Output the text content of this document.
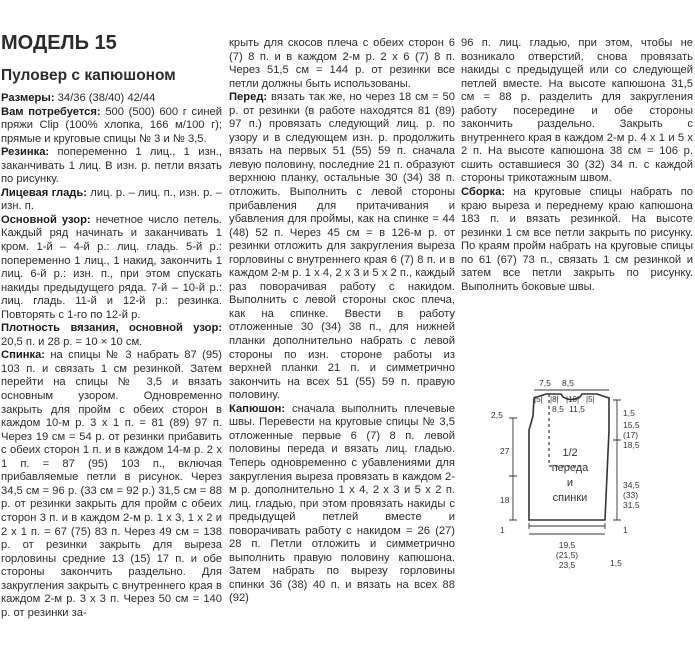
МОДЕЛЬ 15
Пуловер с капюшоном

Размеры: 34/36 (38/40) 42/44

Вам потребуется: 500 (500) 600 г синей пряжи Clip (100% хлопка, 166 м/100 г); прямые и круговые спицы № 3 и № 3,5.

Резинка: попеременно 1 лиц., 1 изн., заканчивать 1 лиц. В изн. р. петли вязать по рисунку.

Лицевая гладь: лиц. р. – лиц. п., изн. р. – изн. п.

Основной узор: нечетное число петель. Каждый ряд начинать и заканчивать 1 кром. 1-й – 4-й р.: лиц. гладь. 5-й р.: попеременно 1 лиц., 1 накид, закончить 1 лиц. 6-й р.: изн. п., при этом спускать накиды предыдущего ряда. 7-й – 10-й р.: лиц. гладь. 11-й и 12-й р.: резинка. Повторять с 1-го по 12-й р.

Плотность вязания, основной узор: 20,5 п. и 28 р. = 10 × 10 см.

Спинка: на спицы № 3 набрать 87 (95) 103 п. и связать 1 см резинкой. Затем перейти на спицы № 3,5 и вязать основным узором. Одновременно закрыть для пройм с обеих сторон в каждом 10-м р. 3 х 1 п. = 81 (89) 97 п. Через 19 см = 54 р. от резинки прибавить с обеих сторон 1 п. и в каждом 14-м р. 2 х 1 п. = 87 (95) 103 п., включая прибавляемые петли в рисунок. Через 34,5 см = 96 р. (33 см = 92 р.) 31,5 см = 88 р. от резинки закрыть для пройм с обеих сторон 3 п. и в каждом 2-м р. 1 х 3, 1 х 2 и 2 х 1 п. = 67 (75) 83 п. Через 49 см = 138 р. от резинки закрыть для выреза горловины средние 13 (15) 17 п. и обе стороны закончить раздельно. Для закругления закрыть с внутреннего края в каждом 2-м р. 3 х 3 п. Через 50 см = 140 р. от резинки за-

крыть для скосов плеча с обеих сторон 6 (7) 8 п. и в каждом 2-м р. 2 х 6 (7) 8 п. Через 51,5 см = 144 р. от резинки все петли должны быть использованы.

Перед: вязать так же, но через 18 см = 50 р. от резинки (в работе находятся 81 (89) 97 п.) провязать следующий лиц. р. по узору и в следующем изн. р. продолжить вязать на первых 51 (55) 59 п. сначала левую половину, последние 21 п. образуют верхнюю планку, остальные 30 (34) 38 п. отложить. Выполнить с левой стороны прибавления для притачивания и убавления для проймы, как на спинке = 44 (48) 52 п. Через 45 см = в 126-м р. от резинки отложить для закругления выреза горловины с внутреннего края 6 (7) 8 п. и в каждом 2-м р. 1 х 4, 2 х 3 и 5 х 2 п., каждый раз поворачивая работу с накидом. Выполнить с левой стороны скос плеча, как на спинке. Ввести в работу отложенные 30 (34) 38 п., для нижней планки дополнительно набрать с левой стороны по изн. стороне работы из верхней планки 21 п. и симметрично закончить на всех 51 (55) 59 п. правую половину.

Капюшон: сначала выполнить плечевые швы. Перевести на круговые спицы № 3,5 отложенные первые 6 (7) 8 п. левой половины переда и вязать лиц. гладью. Теперь одновременно с убавлениями для закругления выреза провязать в каждом 2-м р. дополнительно 1 х 4, 2 х 3 и 5 х 2 п. лиц. гладью, при этом провязать накиды с предыдущей петлей вместе и поворачивать работу с накидом = 26 (27) 28 п. Петли отложить и симметрично выполнить правую половину капюшона. Затем набрать по вырезу горловины спинки 36 (38) 40 п. и вязать на всех 88 (92)

96 п. лиц. гладью, при этом, чтобы не возникало отверстий, снова провязать накиды с предыдущей или со следующей петлей вместе. На высоте капюшона 31,5 см = 88 р. разделить для закругления работу посередине и обе стороны закончить раздельно. Закрыть с внутреннего края в каждом 2-м р. 4 х 1 и 5 х 2 п. На высоте капюшона 38 см = 106 р. сшить оставшиеся 30 (32) 34 п. с каждой стороны трикотажным швом.

Сборка: на круговые спицы набрать по краю выреза и переднему краю капюшона 183 п. и вязать резинкой. На высоте резинки 1 см все петли закрыть по рисунку. По краям пройм набрать на круговые спицы по 61 (67) 73 п., связать 1 см резинкой и затем все петли закрыть по рисунку. Выполнить боковые швы.

7,5 8,5
|5| |8| |10| |5|
8,5 11,5
2,5
27
18
1
1,5
15,5
(17)
18,5
34,5
(33)
31,5
1
1/2
переда
и
спинки
19,5
(21,5)
23,5	1,5
